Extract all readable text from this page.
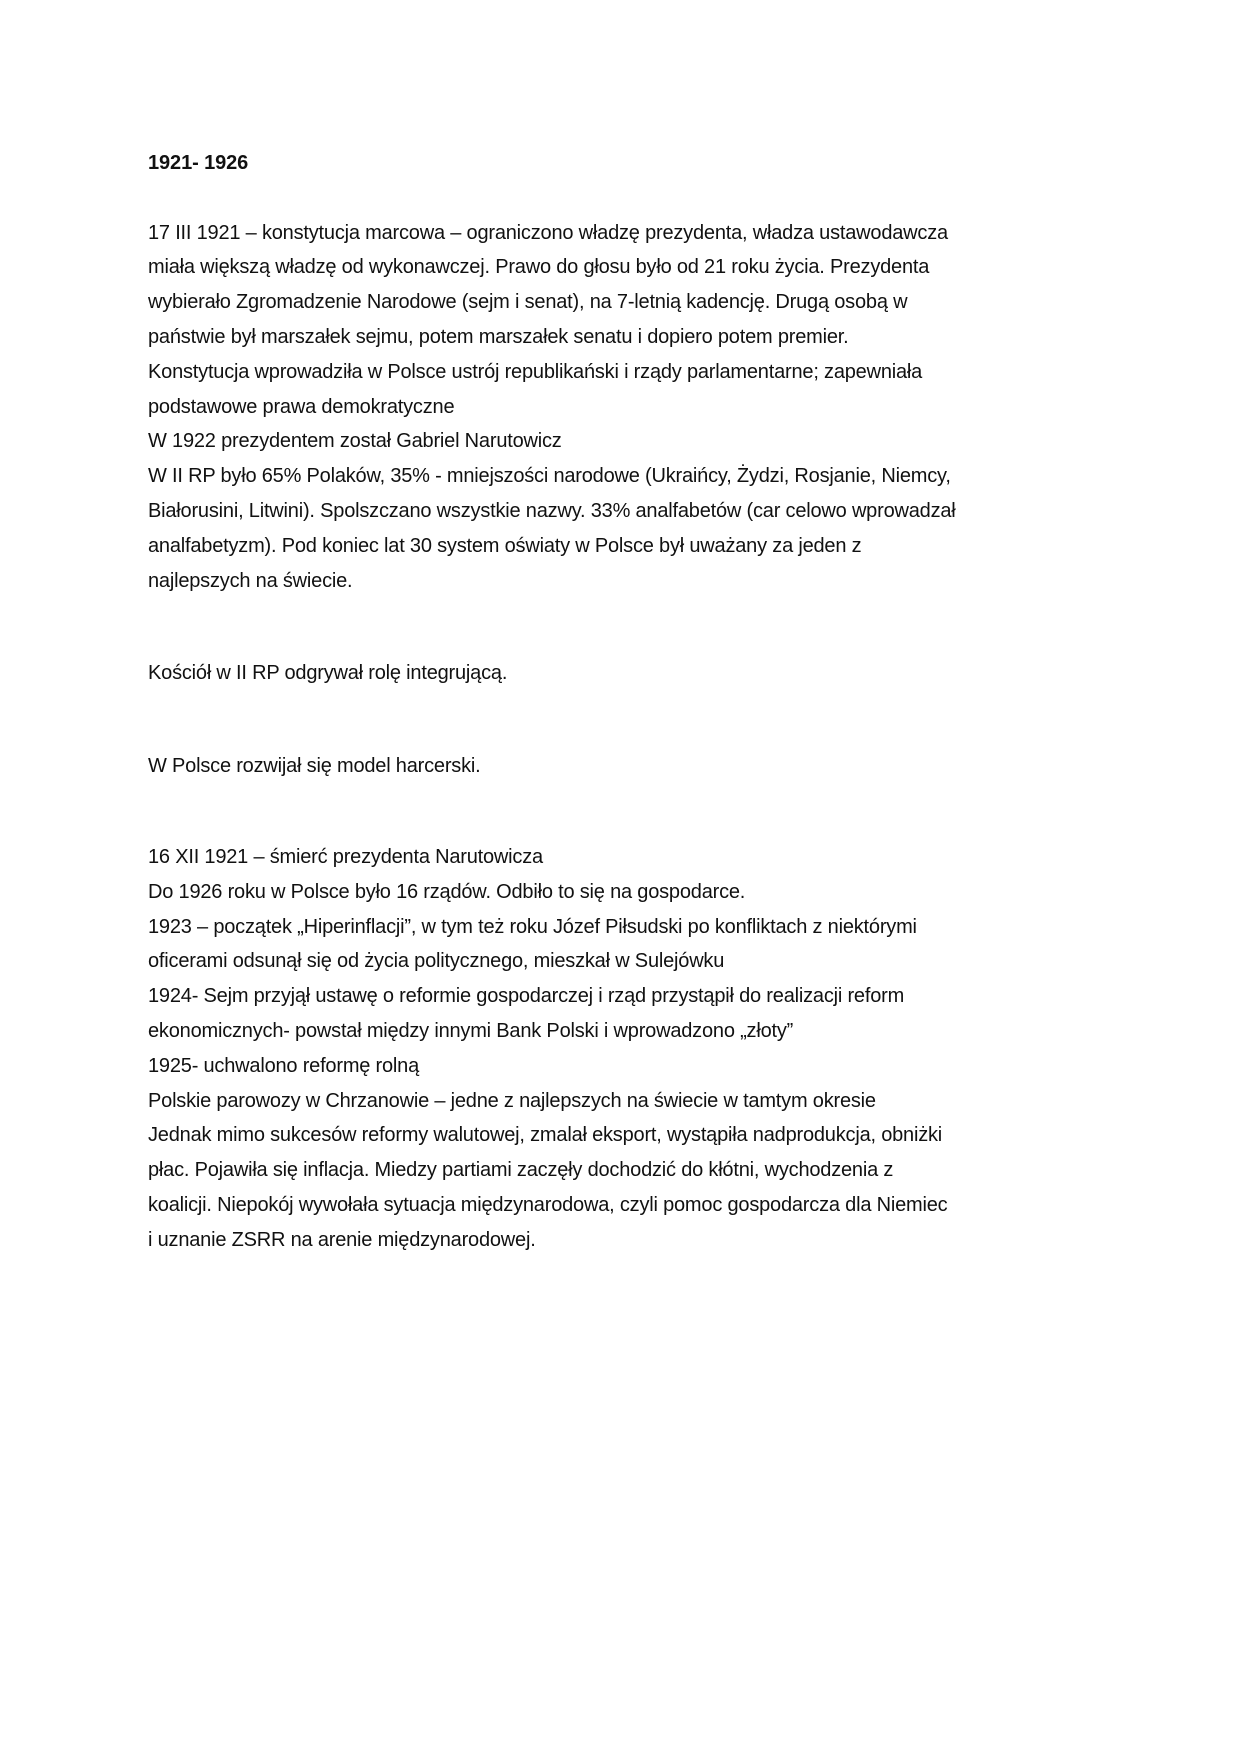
1921- 1926
17 III 1921 – konstytucja marcowa – ograniczono władzę prezydenta, władza ustawodawcza
miała większą władzę od wykonawczej. Prawo do głosu było od 21 roku życia. Prezydenta
wybierało Zgromadzenie Narodowe (sejm i senat), na 7-letnią kadencję. Drugą osobą w
państwie był marszałek sejmu, potem marszałek senatu i dopiero potem premier.
Konstytucja wprowadziła w Polsce ustrój republikański i rządy parlamentarne; zapewniała
podstawowe prawa demokratyczne
W 1922 prezydentem został Gabriel Narutowicz
W II RP było 65% Polaków, 35% - mniejszości narodowe (Ukraińcy, Żydzi, Rosjanie, Niemcy,
Białorusini, Litwini). Spolszczano wszystkie nazwy. 33% analfabetów (car celowo wprowadzał
analfabetyzm). Pod koniec lat 30 system oświaty w Polsce był uważany za jeden z
najlepszych na świecie.
Kościół w II RP odgrywał rolę integrującą.
W Polsce rozwijał się model harcerski.
16 XII 1921 – śmierć prezydenta Narutowicza
Do 1926 roku w Polsce było 16 rządów. Odbiło to się na gospodarce.
1923 – początek „Hiperinflacji”, w tym też roku Józef Piłsudski po konfliktach z niektórymi
oficerami odsunął się od życia politycznego, mieszkał w Sulejówku
1924- Sejm przyjął ustawę o reformie gospodarczej i rząd przystąpił do realizacji reform
ekonomicznych- powstał między innymi Bank Polski i wprowadzono „złoty”
1925- uchwalono reformę rolną
Polskie parowozy w Chrzanowie – jedne z najlepszych na świecie w tamtym okresie
Jednak mimo sukcesów reformy walutowej, zmalał eksport, wystąpiła nadprodukcja, obniżki
płac. Pojawiła się inflacja. Miedzy partiami zaczęły dochodzić do kłótni, wychodzenia z
koalicji. Niepokój wywołała sytuacja międzynarodowa, czyli pomoc gospodarcza dla Niemiec
i uznanie ZSRR na arenie międzynarodowej.
